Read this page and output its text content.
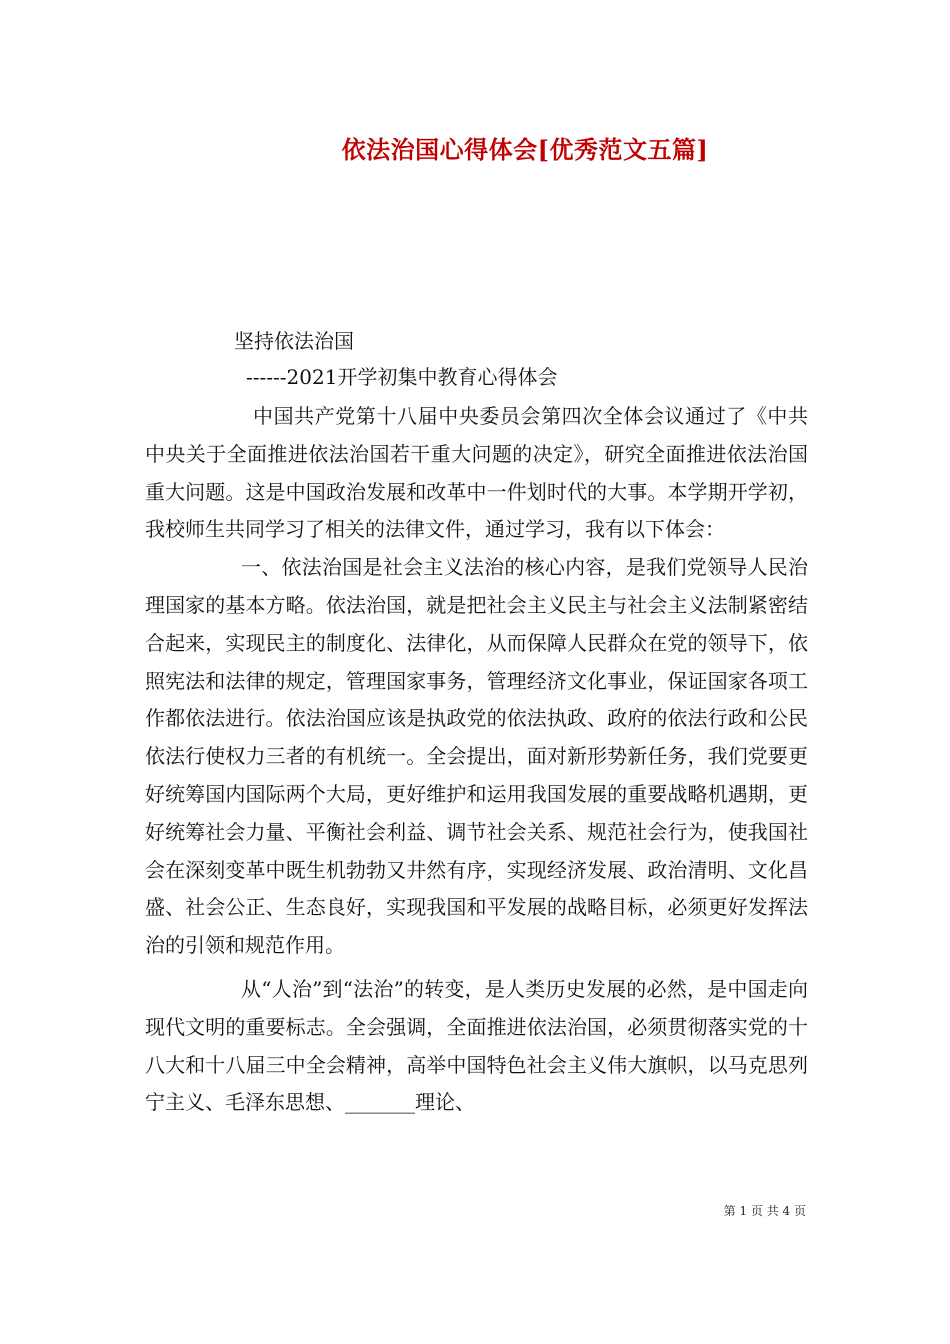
依法治国心得体会[优秀范文五篇]
坚持依法治国
------2021开学初集中教育心得体会

中国共产党第十八届中央委员会第四次全体会议通过了《中共中央关于全面推进依法治国若干重大问题的决定》，研究全面推进依法治国重大问题。这是中国政治发展和改革中一件划时代的大事。本学期开学初，我校师生共同学习了相关的法律文件，通过学习，我有以下体会：

一、依法治国是社会主义法治的核心内容，是我们党领导人民治理国家的基本方略。依法治国，就是把社会主义民主与社会主义法制紧密结合起来，实现民主的制度化、法律化，从而保障人民群众在党的领导下，依照宪法和法律的规定，管理国家事务，管理经济文化事业，保证国家各项工作都依法进行。依法治国应该是执政党的依法执政、政府的依法行政和公民依法行使权力三者的有机统一。全会提出，面对新形势新任务，我们党要更好统筹国内国际两个大局，更好维护和运用我国发展的重要战略机遇期，更好统筹社会力量、平衡社会利益、调节社会关系、规范社会行为，使我国社会在深刻变革中既生机勃勃又井然有序，实现经济发展、政治清明、文化昌盛、社会公正、生态良好，实现我国和平发展的战略目标，必须更好发挥法治的引领和规范作用。

从“人治”到“法治”的转变，是人类历史发展的必然，是中国走向现代文明的重要标志。全会强调，全面推进依法治国，必须贯彻落实党的十八大和十八届三中全会精神，高举中国特色社会主义伟大旗帜，以马克思列宁主义、毛泽东思想、_______理论、

第 1 页 共 4 页
